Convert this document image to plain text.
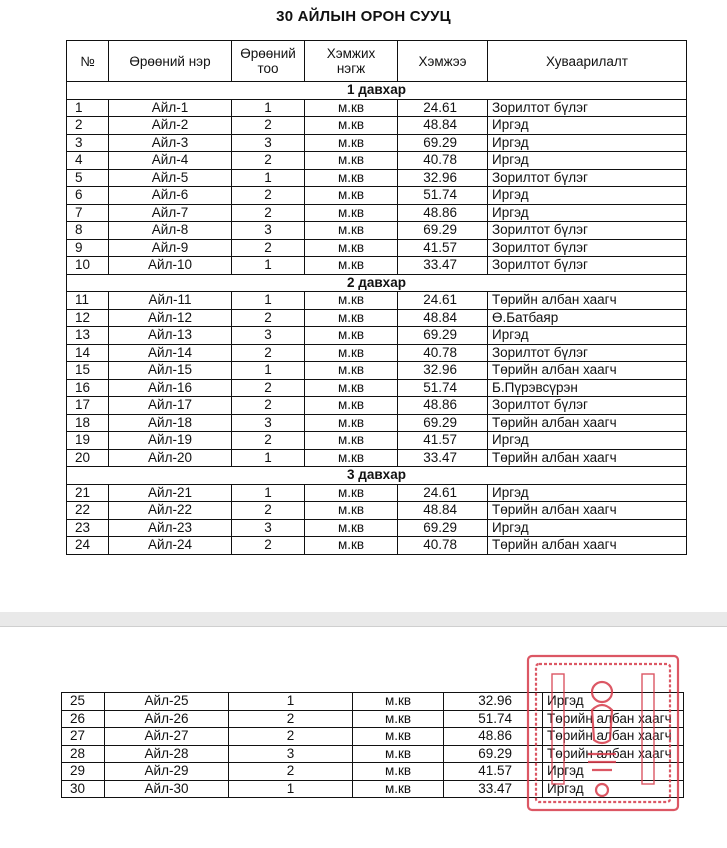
30 АЙЛЫН ОРОН СУУЦ
№	Өрөөний нэр	Өрөөний тоо	Хэмжих нэгж	Хэмжээ	Хуваарилалт
1 давхар					
1	Айл-1	1	м.кв	24.61	Зорилтот бүлэг
2	Айл-2	2	м.кв	48.84	Иргэд
3	Айл-3	3	м.кв	69.29	Иргэд
4	Айл-4	2	м.кв	40.78	Иргэд
5	Айл-5	1	м.кв	32.96	Зорилтот бүлэг
6	Айл-6	2	м.кв	51.74	Иргэд
7	Айл-7	2	м.кв	48.86	Иргэд
8	Айл-8	3	м.кв	69.29	Зорилтот бүлэг
9	Айл-9	2	м.кв	41.57	Зорилтот бүлэг
10	Айл-10	1	м.кв	33.47	Зорилтот бүлэг
2 давхар					
11	Айл-11	1	м.кв	24.61	Төрийн албан хаагч
12	Айл-12	2	м.кв	48.84	Ө.Батбаяр
13	Айл-13	3	м.кв	69.29	Иргэд
14	Айл-14	2	м.кв	40.78	Зорилтот бүлэг
15	Айл-15	1	м.кв	32.96	Төрийн албан хаагч
16	Айл-16	2	м.кв	51.74	Б.Пүрэвсүрэн
17	Айл-17	2	м.кв	48.86	Зорилтот бүлэг
18	Айл-18	3	м.кв	69.29	Төрийн албан хаагч
19	Айл-19	2	м.кв	41.57	Иргэд
20	Айл-20	1	м.кв	33.47	Төрийн албан хаагч
3 давхар					
21	Айл-21	1	м.кв	24.61	Иргэд
22	Айл-22	2	м.кв	48.84	Төрийн албан хаагч
23	Айл-23	3	м.кв	69.29	Иргэд
24	Айл-24	2	м.кв	40.78	Төрийн албан хаагч
25	Айл-25	1	м.кв	32.96	Иргэд
26	Айл-26	2	м.кв	51.74	Төрийн албан хаагч
27	Айл-27	2	м.кв	48.86	Төрийн албан хаагч
28	Айл-28	3	м.кв	69.29	Төрийн албан хаагч
29	Айл-29	2	м.кв	41.57	Иргэд
30	Айл-30	1	м.кв	33.47	Иргэд
